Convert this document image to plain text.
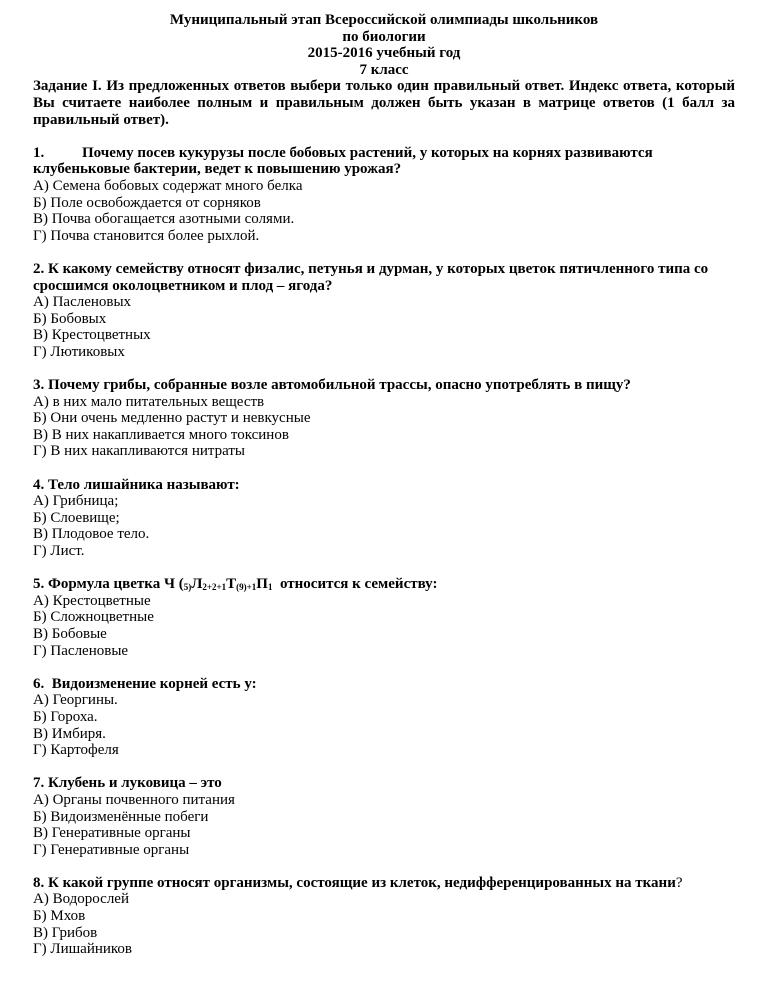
Муниципальный этап Всероссийской олимпиады школьников
по биологии
2015-2016 учебный год
7 класс
Задание I. Из предложенных ответов выбери только один правильный ответ. Индекс ответа, который Вы считаете наиболее полным и правильным должен быть указан в матрице ответов (1 балл за правильный ответ).
1.	Почему посев кукурузы после бобовых растений, у которых на корнях развиваются клубеньковые бактерии, ведет к повышению урожая?
А) Семена бобовых содержат много белка
Б) Поле освобождается от сорняков
В) Почва обогащается азотными солями.
Г) Почва становится более рыхлой.
2. К какому семейству относят физалис, петунья и дурман, у которых цветок пятичленного типа со сросшимся околоцветником и плод – ягода?
А) Пасленовых
Б) Бобовых
В) Крестоцветных
Г) Лютиковых
3. Почему грибы, собранные возле автомобильной трассы, опасно употреблять в пищу?
А) в них мало питательных веществ
Б) Они очень медленно растут и невкусные
В) В них накапливается много токсинов
Г) В них накапливаются нитраты
4. Тело лишайника называют:
А) Грибница;
Б) Слоевище;
В) Плодовое тело.
Г) Лист.
5. Формула цветка Ч ($_{5)}Л_{2+2+1}Т_{(9)+1}П_1$  относится к семейству:
А) Крестоцветные
Б) Сложноцветные
В) Бобовые
Г) Пасленовые
6. Видоизменение корней есть у:
А) Георгины.
Б) Гороха.
В) Имбиря.
Г) Картофеля
7. Клубень и луковица – это
А) Органы почвенного питания
Б) Видоизменённые побеги
В) Генеративные органы
Г) Генеративные органы
8. К какой группе относят организмы, состоящие из клеток, недифференцированных на ткани?
А) Водорослей
Б) Мхов
В) Грибов
Г) Лишайников
